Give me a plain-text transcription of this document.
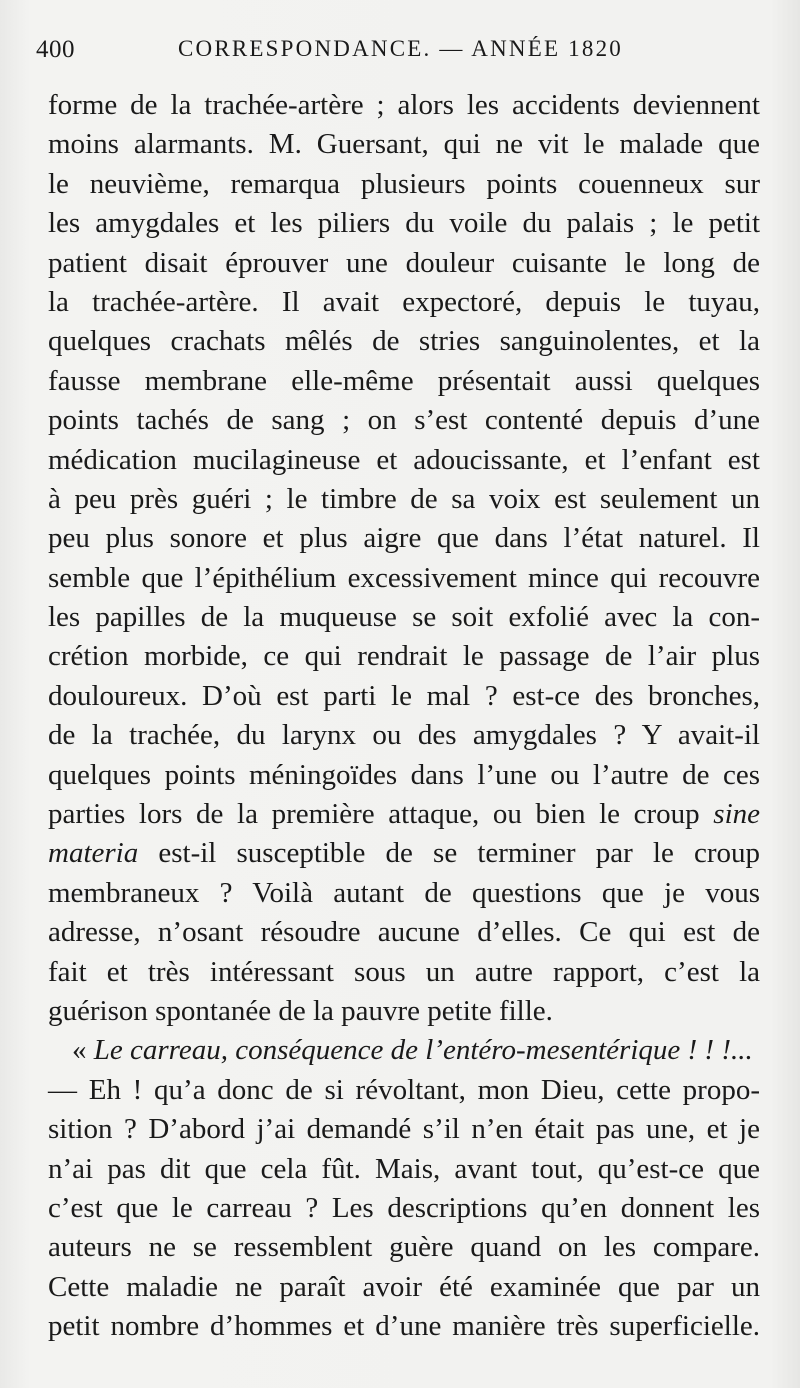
400	CORRESPONDANCE. — ANNÉE 1820
forme de la trachée-artère ; alors les accidents deviennent
moins alarmants. M. Guersant, qui ne vit le malade que
le neuvième, remarqua plusieurs points couenneux sur
les amygdales et les piliers du voile du palais ; le petit
patient disait éprouver une douleur cuisante le long de
la trachée-artère. Il avait expectoré, depuis le tuyau,
quelques crachats mêlés de stries sanguinolentes, et la
fausse membrane elle-même présentait aussi quelques
points tachés de sang ; on s’est contenté depuis d’une
médication mucilagineuse et adoucissante, et l’enfant est
à peu près guéri ; le timbre de sa voix est seulement un
peu plus sonore et plus aigre que dans l’état naturel. Il
semble que l’épithélium excessivement mince qui recouvre
les papilles de la muqueuse se soit exfolié avec la con-
crétion morbide, ce qui rendrait le passage de l’air plus
douloureux. D’où est parti le mal ? est-ce des bronches,
de la trachée, du larynx ou des amygdales ? Y avait-il
quelques points méningoïdes dans l’une ou l’autre de ces
parties lors de la première attaque, ou bien le croup sine
materia est-il susceptible de se terminer par le croup
membraneux ? Voilà autant de questions que je vous
adresse, n’osant résoudre aucune d’elles. Ce qui est de
fait et très intéressant sous un autre rapport, c’est la
guérison spontanée de la pauvre petite fille.
« Le carreau, conséquence de l’entéro-mesentérique ! ! !...
— Eh ! qu’a donc de si révoltant, mon Dieu, cette propo-
sition ? D’abord j’ai demandé s’il n’en était pas une, et je
n’ai pas dit que cela fût. Mais, avant tout, qu’est-ce que
c’est que le carreau ? Les descriptions qu’en donnent les
auteurs ne se ressemblent guère quand on les compare.
Cette maladie ne paraît avoir été examinée que par un
petit nombre d’hommes et d’une manière très superficielle.
